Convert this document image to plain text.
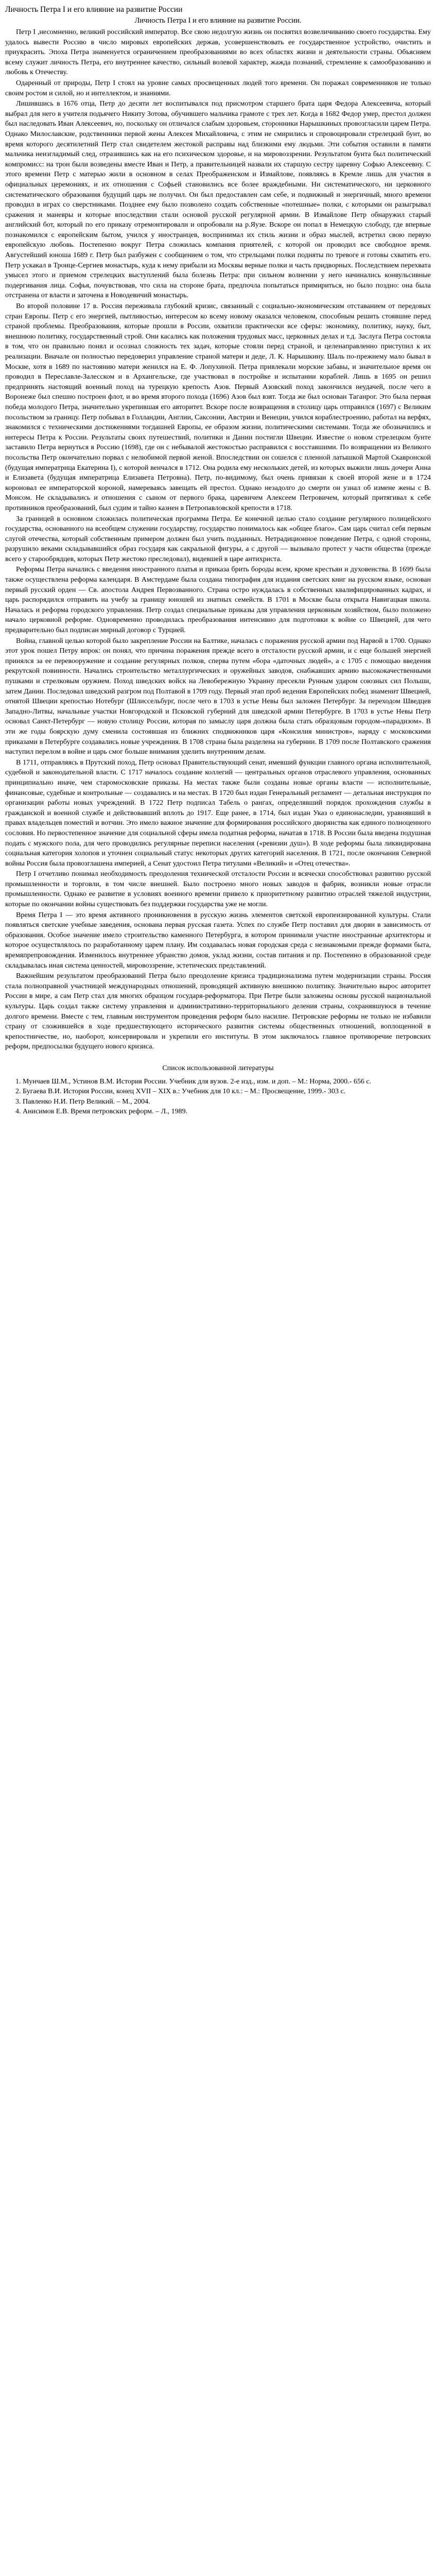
Личность Петра I и его влияние на развитие России
Личность Петра I и его влияние на развитие России.

Петр I ,несомненно, великий российский император. Все свою недолгую жизнь он посвятил возвеличиванию своего государства. Ему удалось вывести Россию в число мировых европейских держав, усовершенствовать ее государственное устройство, очистить и приукрасить. Эпоха Петра знаменуется ограничением преобразованиями во всех областях жизни и деятельности страны. Объясняем всему служит личность Петра, его внутреннее качество, сильный волевой характер, жажда познаний, стремление к самообразованию и любовь к Отечеству.

Одаренный от природы, Петр I стоял на уровне самых просвещенных людей того времени. Он поражал современников не только своим ростом и силой, но и интеллектом, и знаниями.

Лишившись в 1676 отца, Петр до десяти лет воспитывался под присмотром старшего брата царя Федора Алексеевича, который выбрал для него в учителя подьячего Никиту Зотова, обучившего мальчика грамоте с трех лет. Когда в 1682 Федор умер, престол должен был наследовать Иван Алексеевич, но, поскольку он отличался слабым здоровьем, сторонники Нарышкиных провозгласили царем Петра. Однако Милославские, родственники первой жены Алексея Михайловича, с этим не смирились и спровоцировали стрелецкий бунт, во время которого десятилетний Петр стал свидетелем жестокой расправы над близкими ему людьми. Эти события оставили в памяти мальчика неизгладимый след, отразившись как на его психическом здоровье, и на мировоззрении. Результатом бунта был политический компромисс: на трон были возведены вместе Иван и Петр, а правительницей назвали их старшую сестру царевну Софью Алексеевну. С этого времени Петр с матерью жили в основном в селах Преображенском и Измайлове, появляясь в Кремле лишь для участия в официальных церемониях, и их отношения с Софьей становились все более враждебными. Ни систематического, ни церковного систематического образования будущий царь не получил. Он был предоставлен сам себе, и подвижный и энергичный, много времени проводил в играх со сверстниками. Позднее ему было позволено создать собственные «потешные» полки, с которыми он разыгрывал сражения и маневры и которые впоследствии стали основой русской регулярной армии. В Измайлове Петр обнаружил старый английский бот, который по его приказу отремонтировали и опробовали на р.Яузе. Вскоре он попал в Немецкую слободу, где впервые познакомился с европейским бытом, учился у иностранцев, воспринимал их стиль жизни и образ мыслей, встретил свою первую европейскую любовь. Постепенно вокруг Петра сложилась компания приятелей, с которой он проводил все свободное время. Августейший юноша 1689 г. Петр был разбужен с сообщением о том, что стрельцами полки подняты по тревоге и готовы схватить его. Петр ускакал в Троице-Сергиев монастырь, куда к нему прибыли из Москвы верные полки и часть придворных. Последствием перехвата умысел этого и приемом стрелецких выступлений была болезнь Петра: при сильном волнении у него начинались конвульсивные подергивания лица. Софья, почувствовав, что сила на стороне брата, предпочла попытаться примириться, но было поздно: она была отстранена от власти и заточена в Новодевичий монастырь.

Во второй половине 17 в. Россия переживала глубокий кризис, связанный с социально-экономическим отставанием от передовых стран Европы. Петр с его энергией, пытливостью, интересом ко всему новому оказался человеком, способным решить стоявшие перед страной проблемы. Преобразования, которые прошли в России, охватили практически все сферы: экономику, политику, науку, быт, внешнюю политику, государственный строй. Они касались как положения трудовых масс, церковных делах и т.д. Заслуга Петра состояла в том, что он правильно понял и осознал сложность тех задач, которые стояли перед страной, и целенаправленно приступил к их реализации. Вначале он полностью передоверил управление страной матери и деде, Л. К. Нарышкину. Шаль по-прежнему мало бывал в Москве, хотя в 1689 по настоянию матери женился на Е. Ф. Лопухиной. Петра привлекали морские забавы, и значительное время он проводил в Переславле-Залесском и в Архангельске, где участвовал в постройке и испытании кораблей. Лишь в 1695 он решил предпринять настоящий военный поход на турецкую крепость Азов. Первый Азовский поход закончился неудачей, после чего в Воронеже был спешно построен флот, и во время второго похода (1696) Азов был взят. Тогда же был основан Таганрог. Это была первая победа молодого Петра, значительно укрепившая его авторитет. Вскоре после возвращения в столицу царь отправился (1697) с Великим посольством за границу. Петр побывал в Голландии, Англии, Саксонии, Австрии и Венеции, учился кораблестроению, работал на верфях, знакомился с техническими достижениями тогдашней Европы, ее образом жизни, политическими системами. Тогда же обозначились и интересы Петра к России. Результаты своих путешествий, политики и Дании постигли Швеции. Известие о новом стрелецком бунте заставило Петра вернуться в Россию (1698), где он с небывалой жестокостью расправился с восставшими. По возвращении из Великого посольства Петр окончательно порвал с нелюбимой первой женой. Впоследствии он сошелся с пленной латышкой Мартой Скавронской (будущая императрица Екатерина I), с которой венчался в 1712. Она родила ему нескольких детей, из которых выжили лишь дочери Анна и Елизавета (будущая императрица Елизавета Петровна). Петр, по-видимому, был очень привязан к своей второй жене и в 1724 короновал ее императорской короной, намереваясь завещать ей престол. Однако незадолго до смерти он узнал об измене жены с В. Монсом. Не складывались и отношения с сыном от первого брака, царевичем Алексеем Петровичем, который притягивал к себе противников преобразований, был судим и тайно казнен в Петропавловской крепости в 1718.

За границей в основном сложилась политическая программа Петра. Ее конечной целью стало создание регулярного полицейского государства, основанного на всеобщем служении государству, государство понималось как «общее благо». Сам царь считал себя первым слугой отечества, который собственным примером должен был учить подданных. Нетрадиционное поведение Петра, с одной стороны, разрушило веками складывавшийся образ государя как сакральной фигуры, а с другой — вызывало протест у части общества (прежде всего у старообрядцев, которых Петр жестоко преследовал), видевшей в царе антихриста.

Реформы Петра начались с введения иностранного платья и приказа брить бороды всем, кроме крестьян и духовенства. В 1699 была также осуществлена реформа календаря. В Амстердаме была создана типография для издания светских книг на русском языке, основан первый русский орден — Св. апостола Андрея Первозванного. Страна остро нуждалась в собственных квалифицированных кадрах, и царь распорядился отправить на учебу за границу юношей из знатных семейств. В 1701 в Москве была открыта Навигацкая школа. Началась и реформа городского управления. Петр создал специальные приказы для управления церковным хозяйством, было положено начало церковной реформе. Одновременно проводилась преобразования интенсивно для подготовки к войне со Швецией, для чего предварительно был подписан мирный договор с Турцией.

Война, главной целью которой было закрепление России на Балтике, началась с поражения русской армии под Нарвой в 1700. Однако этот урок пошел Петру впрок: он понял, что причина поражения прежде всего в отсталости русской армии, и с еще большей энергией принялся за ее перевооружение и создание регулярных полков, сперва путем «бора «даточных людей», а с 1705 с помощью введения рекрутской повинности. Начались строительство металлургических и оружейных заводов, снабжавших армию высококачественными пушками и стрелковым оружием. Поход шведских войск на Левобережную Украину пресекли Рунным ударом союзных сил Польши, затем Дании. Последовал шведский разгром под Полтавой в 1709 году. Первый этап проб ведения Европейских побед знаменит Швецией, отнятой Швеции крепостью Нотебург (Шлиссельбург, после чего в 1703 в устье Невы был заложен Петербург. За переходом Шведцев Западно-Литвы, начальные участки Новгородской и Псковской губерний для шведской армии Петербурге. В 1703 в устье Невы Петр основал Санкт-Петербург — новую столицу России, которая по замыслу царя должна была стать образцовым городом-«парадизом». В эти же годы боярскую думу сменила состоявшая из ближних сподвижников царя «Консилия министров», наряду с московскими приказами в Петербурге создавались новые учреждения. В 1708 страна была разделена на губернии. В 1709 после Полтавского сражения наступил перелом в войне и царь смог больше внимания уделить внутренним делам.

В 1711, отправляясь в Прутский поход, Петр основал Правительствующий сенат, имевший функции главного органа исполнительной, судебной и законодательной власти. С 1717 началось создание коллегий — центральных органов отраслевого управления, основанных принципиально иначе, чем старомосковские приказы. На местах также были созданы новые органы власти — исполнительные, финансовые, судебные и контрольные — создавались и на местах. В 1720 был издан Генеральный регламент — детальная инструкция по организации работы новых учреждений. В 1722 Петр подписал Табель о рангах, определявший порядок прохождения службы в гражданской и военной службе и действовавший вплоть до 1917. Еще ранее, в 1714, был издан Указ о единонаследии, уравнявший в правах владельцев поместий и вотчин. Это имело важное значение для формирования российского дворянства как единого полноценного сословия. Но первостепенное значение для социальной сферы имела податная реформа, начатая в 1718. В России была введена подушная подать с мужского пола, для чего проводились регулярные переписи населения («ревизии душ»). В ходе реформы была ликвидирована социальная категория холопов и уточнен социальный статус некоторых других категорий населения. В 1721, после окончания Северной войны Россия была провозглашена империей, а Сенат удостоил Петра титулами «Великий» и «Отец отечества».

Петр I отчетливо понимал необходимость преодоления технической отсталости России и всячески способствовал развитию русской промышленности и торговли, в том числе внешней. Было построено много новых заводов и фабрик, возникли новые отрасли промышленности. Однако ее развитие в условиях военного времени привело к приоритетному развитию отраслей тяжелой индустрии, которые по окончании войны существовать без поддержки государства уже не могли.

Время Петра I — это время активного проникновения в русскую жизнь элементов светской европеизированной культуры. Стали появляться светские учебные заведения, основана первая русская газета. Успех по службе Петр поставил для дворян в зависимость от образования. Особое значение имело строительство каменного Петербурга, в котором принимали участие иностранные архитекторы и которое осуществлялось по разработанному царем плану. Им создавалась новая городская среда с незнакомыми прежде формами быта, времяпрепровождения. Изменилось внутреннее убранство домов, уклад жизни, состав питания и пр. Постепенно в образованной среде складывалась иная система ценностей, мировоззрение, эстетических представлений.

Важнейшим результатом преобразований Петра было преодоление кризиса традиционализма путем модернизации страны. Россия стала полноправной участницей международных отношений, проводящей активную внешнюю политику. Значительно вырос авторитет России в мире, а сам Петр стал для многих образцом государя-реформатора. При Петре были заложены основы русской национальной культуры. Царь создал также систему управления и административно-территориального деления страны, сохранявшуюся в течение долгого времени. Вместе с тем, главным инструментом проведения реформ было насилие. Петровские реформы не только не избавили страну от сложившейся в ходе предшествующего исторического развития системы общественных отношений, воплощенной в крепостничестве, но, наоборот, консервировали и укрепили его институты. В этом заключалось главное противоречие петровских реформ, предпосылки будущего нового кризиса.

Список использованной литературы
1. Мунчаев Ш.М., Устинов В.М. История России. Учебник для вузов. 2-е изд., изм. и доп. – М.: Норма, 2000.- 656 с.
2. Бугаева В.И. История России, конец XVII – XIX в.: Учебник для 10 кл.: – М.: Просвещение, 1999.- 303 с.
3. Павленко Н.И. Петр Великий. – М., 2004.
4. Анисимов Е.В. Время петровских реформ. – Л., 1989.
